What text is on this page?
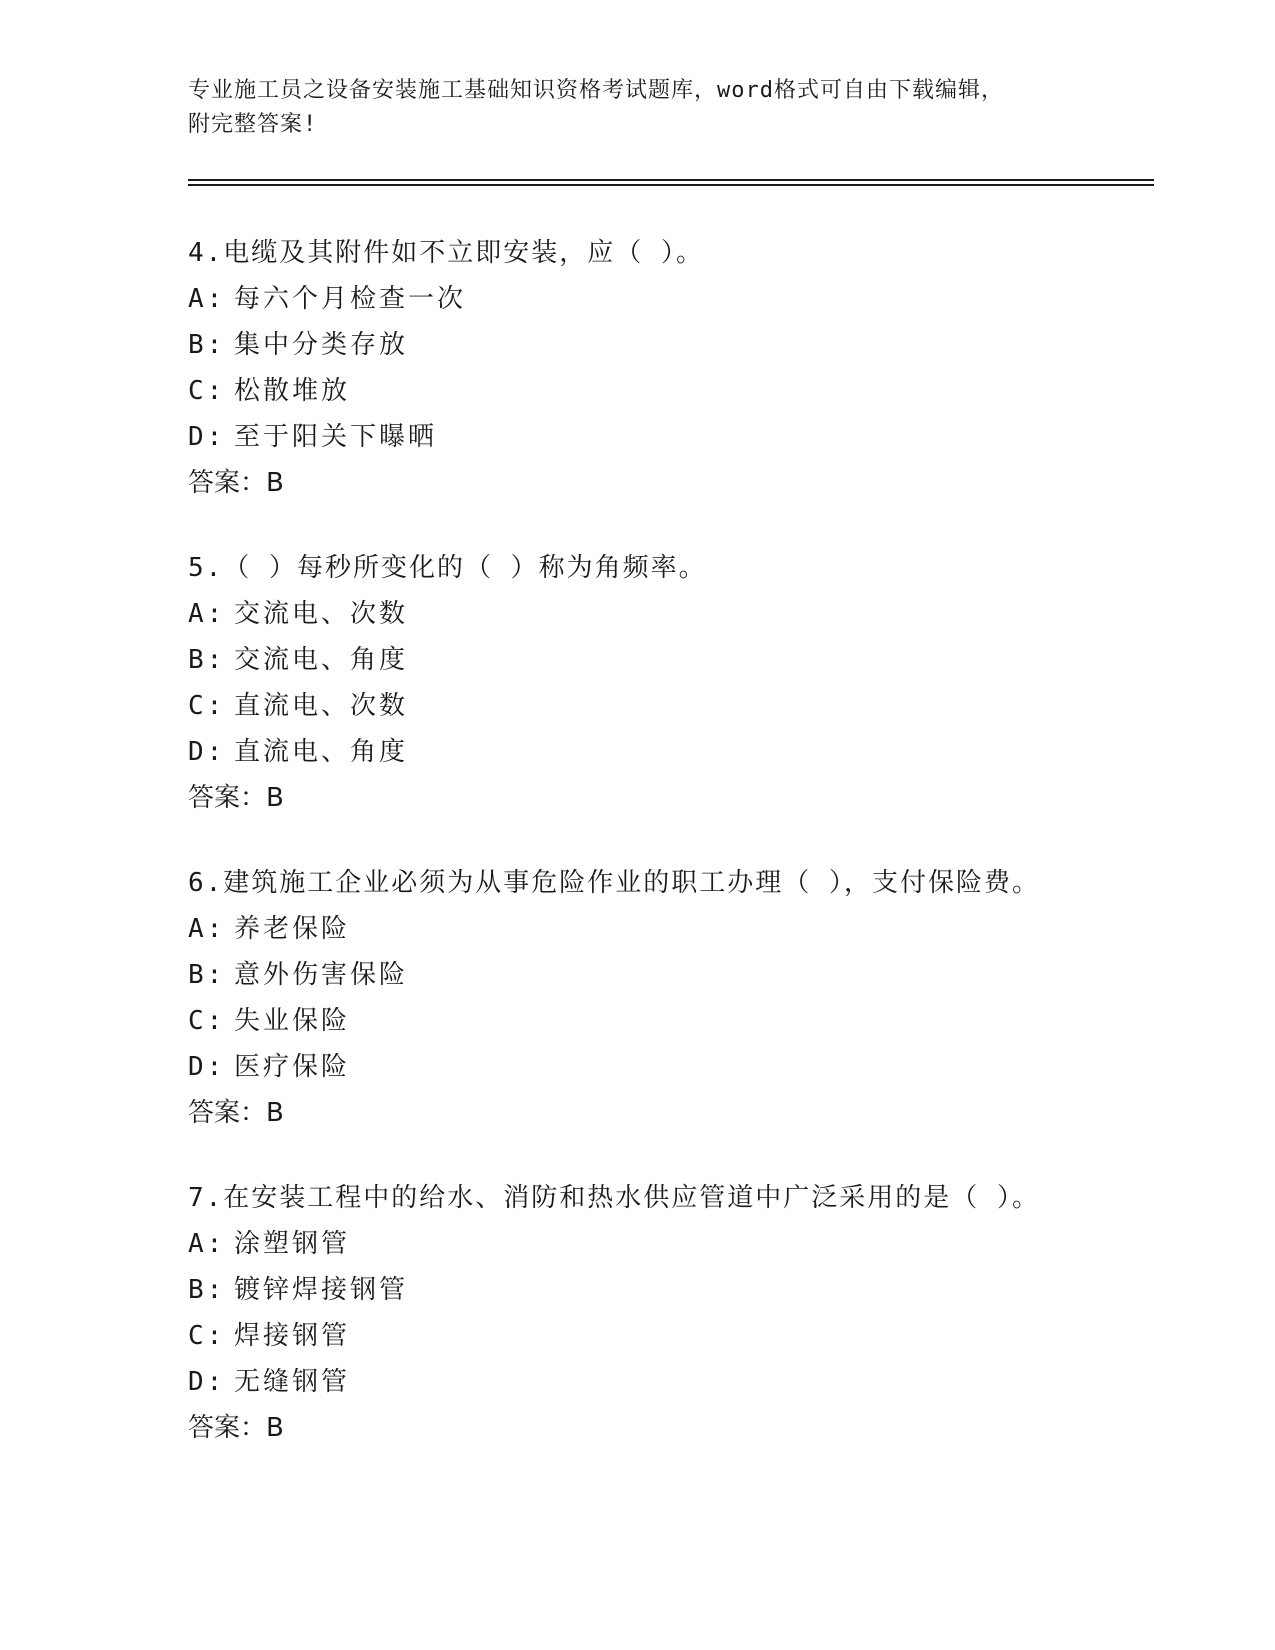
专业施工员之设备安装施工基础知识资格考试题库，word格式可自由下载编辑，
附完整答案!
4.电缆及其附件如不立即安装，应（ ）。
A: 每六个月检查一次
B: 集中分类存放
C: 松散堆放
D: 至于阳关下曝晒
答案：B
5.（ ）每秒所变化的（ ）称为角频率。
A: 交流电、次数
B: 交流电、角度
C: 直流电、次数
D: 直流电、角度
答案：B
6.建筑施工企业必须为从事危险作业的职工办理（ ），支付保险费。
A: 养老保险
B: 意外伤害保险
C: 失业保险
D: 医疗保险
答案：B
7.在安装工程中的给水、消防和热水供应管道中广泛采用的是（ ）。
A: 涂塑钢管
B: 镀锌焊接钢管
C: 焊接钢管
D: 无缝钢管
答案：B
